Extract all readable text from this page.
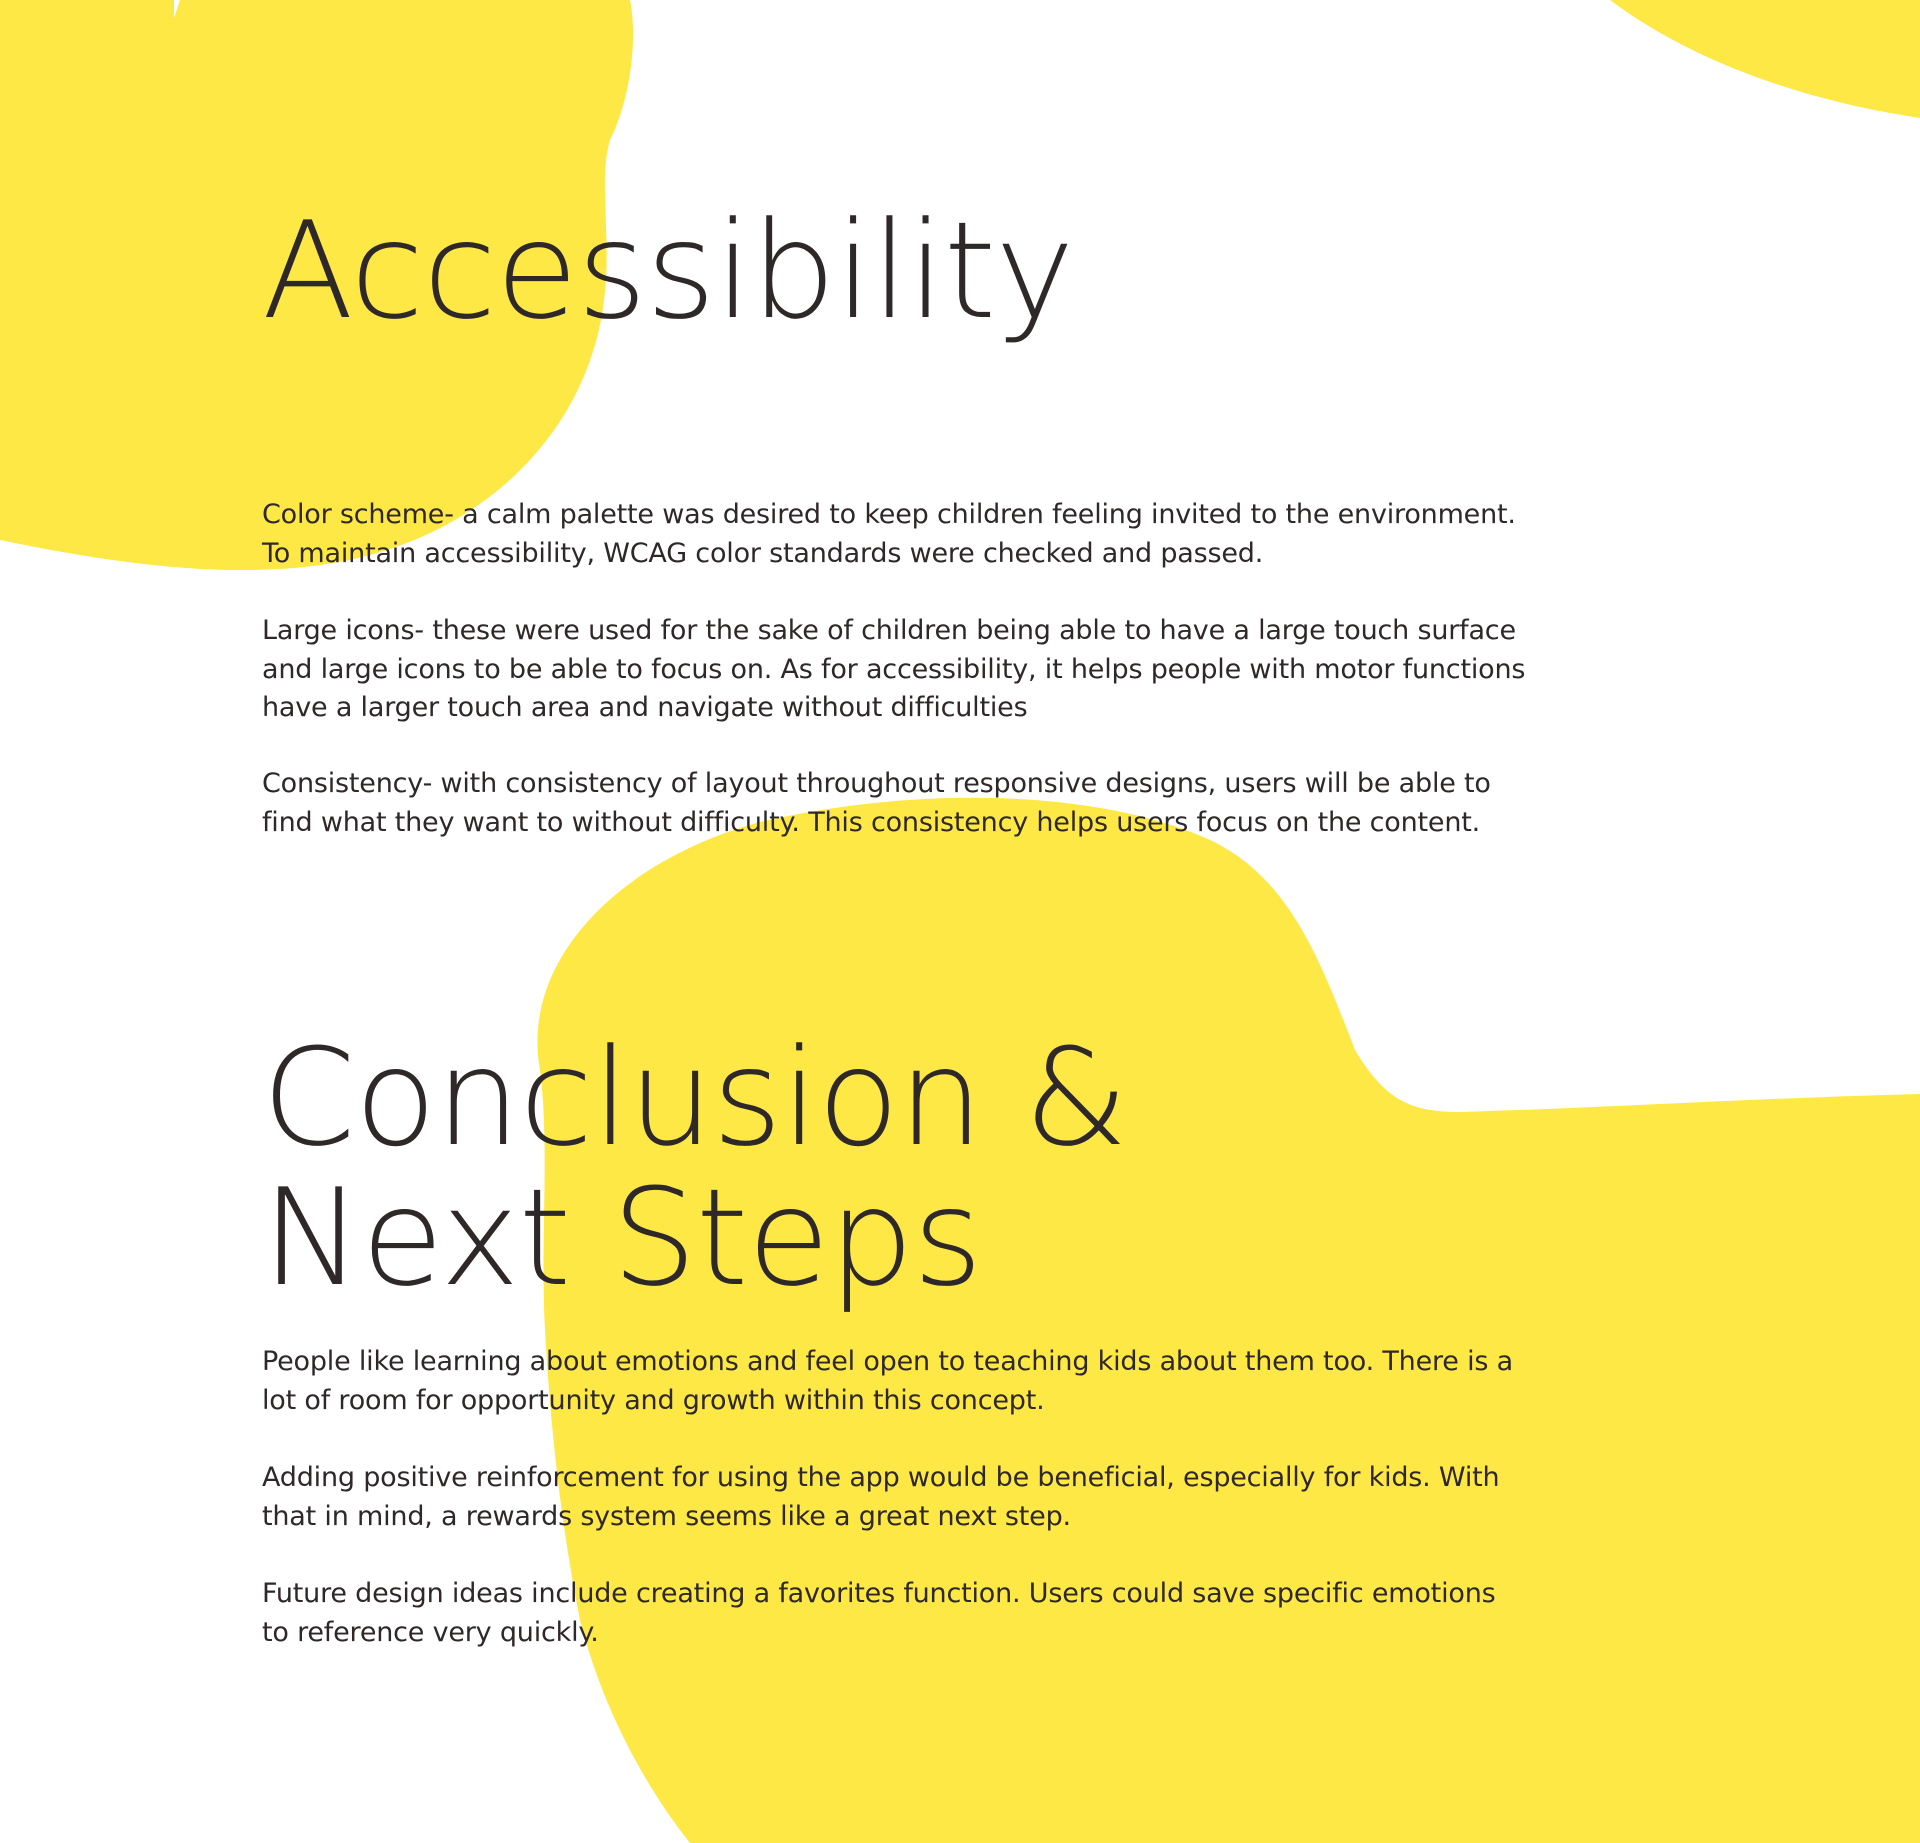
Accessibility

Color scheme- a calm palette was desired to keep children feeling invited to the environment.
To maintain accessibility, WCAG color standards were checked and passed.

Large icons- these were used for the sake of children being able to have a large touch surface
and large icons to be able to focus on. As for accessibility, it helps people with motor functions
have a larger touch area and navigate without difficulties

Consistency- with consistency of layout throughout responsive designs, users will be able to
find what they want to without difficulty. This consistency helps users focus on the content.

Conclusion &
Next Steps

People like learning about emotions and feel open to teaching kids about them too. There is a
lot of room for opportunity and growth within this concept.

Adding positive reinforcement for using the app would be beneficial, especially for kids. With
that in mind, a rewards system seems like a great next step.

Future design ideas include creating a favorites function. Users could save specific emotions
to reference very quickly.
